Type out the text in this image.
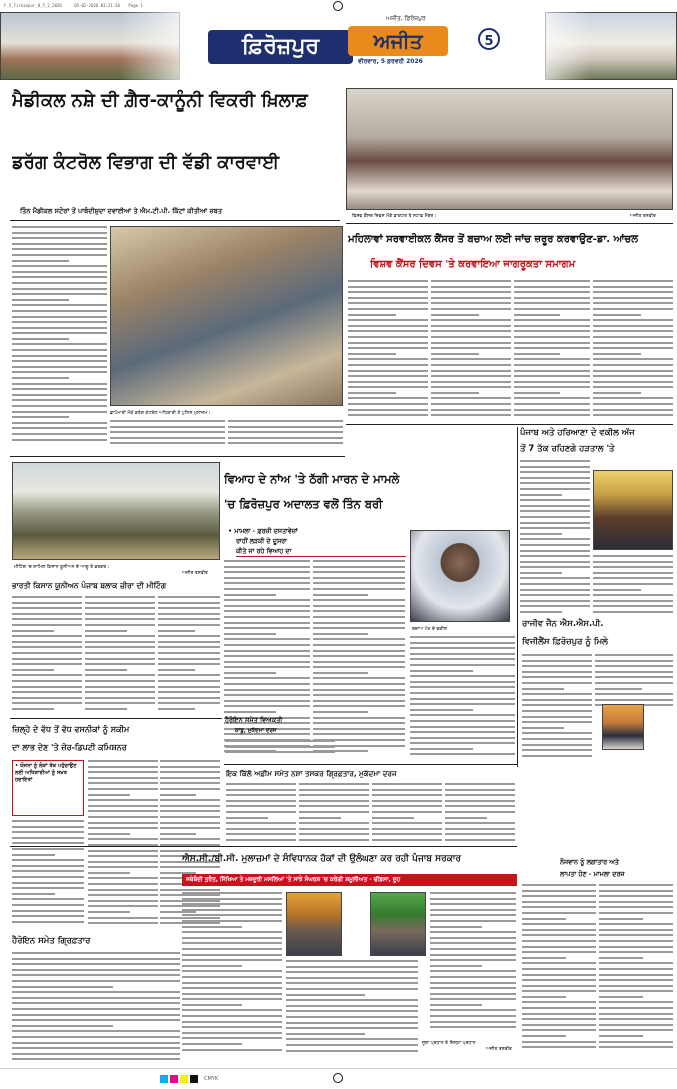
F_5_Firozepur_0_5_2_2026	05-02-2026 01:21:36 Page 1
ਫ਼ਿਰੋਜ਼ਪੁਰ	ਅਜੀਤ
ਅਜੀਤ, ਫ਼ਿਰੋਜ਼ਪੁਰ
ਵੀਰਵਾਰ, 5 ਫ਼ਰਵਰੀ 2026
5
ਮੈਡੀਕਲ ਨਸ਼ੇ ਦੀ ਗ਼ੈਰ-ਕਾਨੂੰਨੀ ਵਿਕਰੀ ਖ਼ਿਲਾਫ਼
ਡਰੱਗ ਕੰਟਰੋਲ ਵਿਭਾਗ ਦੀ ਵੱਡੀ ਕਾਰਵਾਈ
ਤਿੰਨ ਮੈਡੀਕਲ ਸਟੋਰਾਂ ਤੋਂ ਪਾਬੰਦੀਸ਼ੁਦਾ ਦਵਾਈਆਂ ਤੇ ਐਮ.ਟੀ.ਪੀ. ਕਿੱਟਾਂ ਕੀਤੀਆਂ ਜ਼ਬਤ
ਛਾਪੇਮਾਰੀ ਮੌਕੇ ਡਰੱਗ ਕੰਟਰੋਲ ਅਧਿਕਾਰੀ ਤੇ ਪੁਲਿਸ ਮੁਲਾਜ਼ਮ।
ਵਿਸ਼ਵ ਕੈਂਸਰ ਦਿਵਸ ਮੌਕੇ ਡਾਕਟਰ ਤੇ ਸਟਾਫ਼ ਮੈਂਬਰ।	ਅਜੀਤ ਤਸਵੀਰ
ਮਹਿਲਾਵਾਂ ਸਰਵਾਈਕਲ ਕੈਂਸਰ ਤੋਂ ਬਚਾਅ ਲਈ ਜਾਂਚ ਜ਼ਰੂਰ ਕਰਵਾਉਣ-ਡਾ. ਆਂਚਲ
ਵਿਸ਼ਵ ਕੈਂਸਰ ਦਿਵਸ 'ਤੇ ਕਰਵਾਇਆ ਜਾਗਰੂਕਤਾ ਸਮਾਗਮ
ਪੰਜਾਬ ਅਤੇ ਹਰਿਆਣਾ ਦੇ ਵਕੀਲ ਅੱਜ
ਤੋਂ 7 ਤੱਕ ਰਹਿਣਗੇ ਹੜਤਾਲ 'ਤੇ
ਵਿਆਹ ਦੇ ਨਾਂਅ 'ਤੇ ਠੱਗੀ ਮਾਰਨ ਦੇ ਮਾਮਲੇ
'ਚ ਫ਼ਿਰੋਜ਼ਪੁਰ ਅਦਾਲਤ ਵਲੋਂ ਤਿੰਨ ਬਰੀ
• ਮਾਮਲਾ - ਫ਼ਰਜ਼ੀ ਦਸਤਾਵੇਜ਼ਾਂ
ਰਾਹੀਂ ਲੜਕੀ ਦੇ ਦੂਸਰਾ
ਕੀਤੇ ਜਾ ਰਹੇ ਵਿਆਹ ਦਾ
ਬਚਾਅ ਪੱਖ ਦੇ ਵਕੀਲ
ਮੀਟਿੰਗ 'ਚ ਸ਼ਾਮਿਲ ਕਿਸਾਨ ਯੂਨੀਅਨ ਦੇ ਆਗੂ ਤੇ ਵਰਕਰ।
ਅਜੀਤ ਤਸਵੀਰ
ਭਾਰਤੀ ਕਿਸਾਨ ਯੂਨੀਅਨ ਪੰਜਾਬ ਬਲਾਕ ਜ਼ੀਰਾ ਦੀ ਮੀਟਿੰਗ
ਜ਼ਿਲ੍ਹੇ ਦੇ ਵੱਧ ਤੋਂ ਵੱਧ ਵਸਨੀਕਾਂ ਨੂੰ ਸਕੀਮ
ਦਾ ਲਾਭ ਦੇਣ 'ਤੇ ਜ਼ੋਰ-ਡਿਪਟੀ ਕਮਿਸ਼ਨਰ
• ਯੋਜਨਾ ਨੂੰ ਲੋਕਾਂ ਤੱਕ ਪਹੁੰਚਾਉਣ ਲਈ ਅਧਿਕਾਰੀਆਂ ਨੂੰ ਸਖ਼ਤ ਹਦਾਇਤਾਂ
ਹੈਰੋਇਨ ਸਮੇਤ ਗ੍ਰਿਫ਼ਤਾਰ
ਹੈਰੋਇਨ ਸਮੇਤ ਵਿਅਕਤੀ
ਕਾਬੂ, ਮੁਕੱਦਮਾ ਦਰਜ
ਇਕ ਕਿੱਲੋ ਅਫ਼ੀਮ ਸਮੇਤ ਨਸ਼ਾ ਤਸਕਰ ਗ੍ਰਿਫ਼ਤਾਰ, ਮੁਕੱਦਮਾ ਦਰਜ
ਰਾਜੀਵ ਜੈਨ ਐਸ.ਐਸ.ਪੀ.
ਵਿਜੀਲੈਂਸ ਫ਼ਿਰੋਜ਼ਪੁਰ ਨੂੰ ਮਿਲੇ
ਐਸ.ਸੀ./ਬੀ.ਸੀ. ਮੁਲਾਜ਼ਮਾਂ ਦੇ ਸੰਵਿਧਾਨਕ ਹੱਕਾਂ ਦੀ ਉਲੰਘਣਾ ਕਰ ਰਹੀ ਪੰਜਾਬ ਸਰਕਾਰ
ਜਥੇਬੰਦੀ ਤੁਰੰਤ, ਸਿੱਖਿਆ ਤੇ ਮਜ਼ਦੂਰੀ ਮਸਲਿਆਂ 'ਤੇ ਸਾਂਝੇ ਸੰਘਰਸ਼ 'ਚ ਕਰੇਗੀ ਸ਼ਮੂਲੀਅਤ - ਢੀਂਡਸਾ, ਦੂਹ
ਸੂਬਾ ਪ੍ਰਧਾਨ ਤੇ ਜ਼ਿਲ੍ਹਾ ਪ੍ਰਧਾਨ
ਅਜੀਤ ਤਸਵੀਰ
ਨੌਜਵਾਨ ਨੂੰ ਲਗਾਤਾਰ ਅਤੇ
ਲਾਪਤਾ ਹੋਣ - ਮਾਮਲਾ ਦਰਜ
CMYK
